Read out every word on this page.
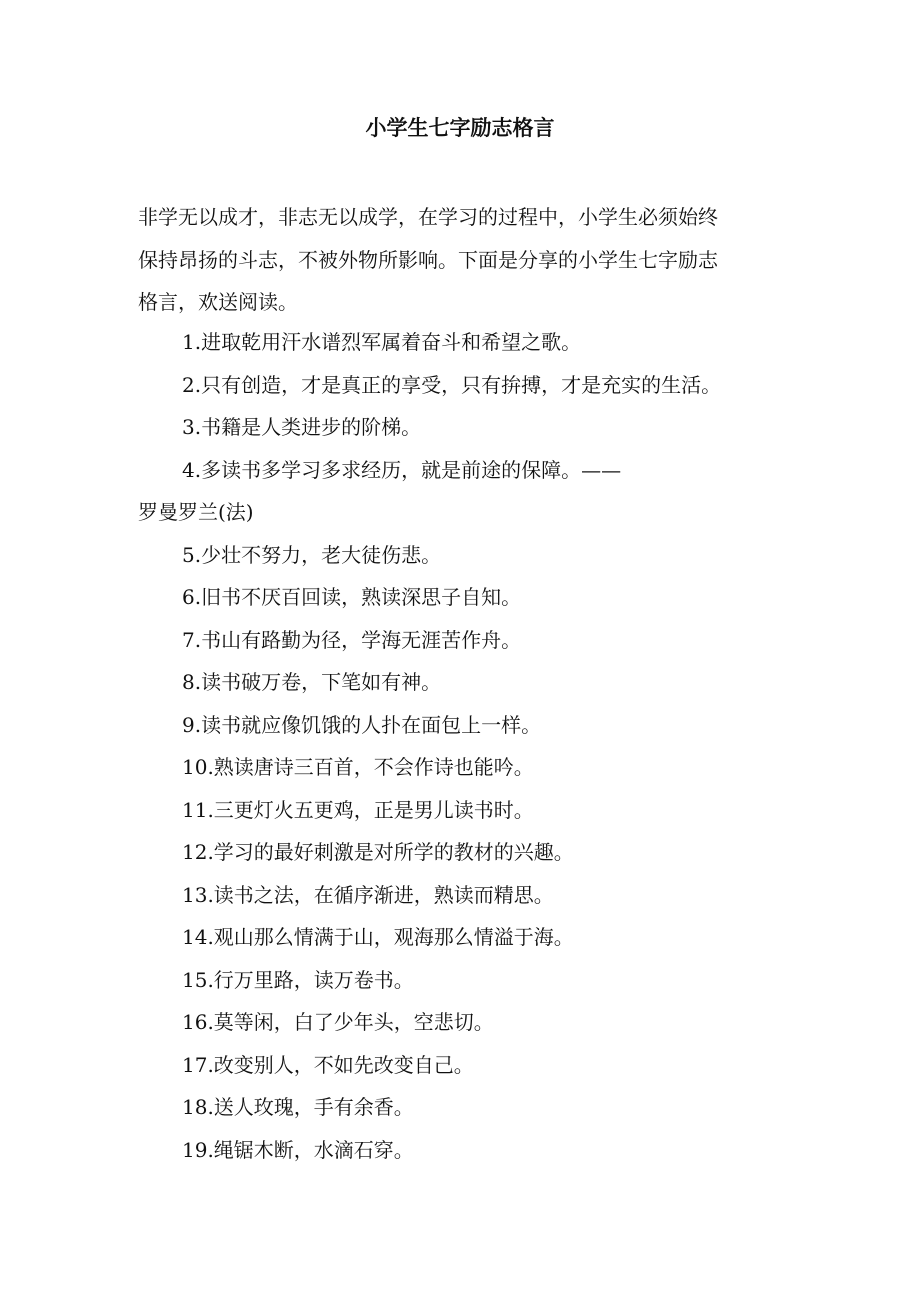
小学生七字励志格言

非学无以成才，非志无以成学，在学习的过程中，小学生必须始终

保持昂扬的斗志，不被外物所影响。下面是分享的小学生七字励志

格言，欢送阅读。

1.进取乾用汗水谱烈军属着奋斗和希望之歌。

2.只有创造，才是真正的享受，只有拚搏，才是充实的生活。

3.书籍是人类进步的阶梯。

4.多读书多学习多求经历，就是前途的保障。——
罗曼罗兰(法)

5.少壮不努力，老大徒伤悲。

6.旧书不厌百回读，熟读深思子自知。

7.书山有路勤为径，学海无涯苦作舟。

8.读书破万卷，下笔如有神。

9.读书就应像饥饿的人扑在面包上一样。

10.熟读唐诗三百首，不会作诗也能吟。

11.三更灯火五更鸡，正是男儿读书时。

12.学习的最好刺激是对所学的教材的兴趣。

13.读书之法，在循序渐进，熟读而精思。

14.观山那么情满于山，观海那么情溢于海。

15.行万里路，读万卷书。

16.莫等闲，白了少年头，空悲切。

17.改变别人，不如先改变自己。

18.送人玫瑰，手有余香。

19.绳锯木断，水滴石穿。
